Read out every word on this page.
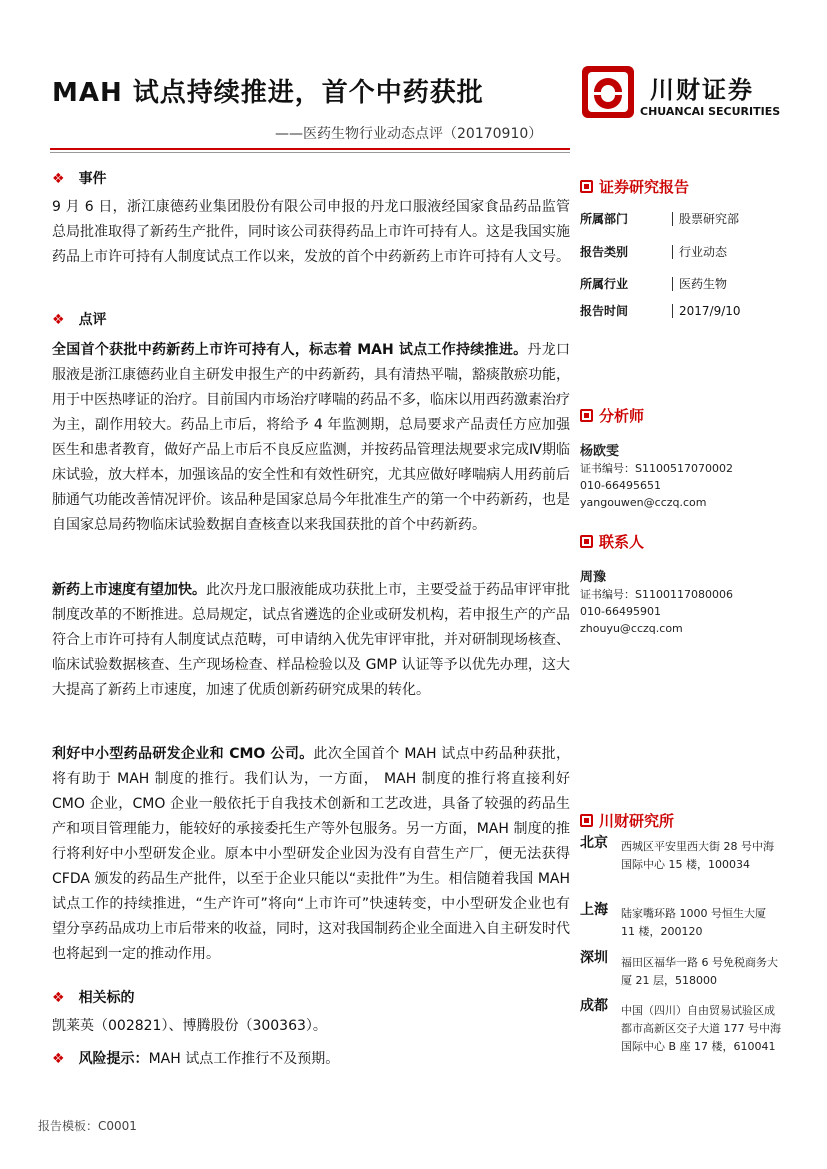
MAH 试点持续推进，首个中药获批
——医药生物行业动态点评（20170910）
川财证券
CHUANCAI SECURITIES
❖ 事件
9 月 6 日，浙江康德药业集团股份有限公司申报的丹龙口服液经国家食品药品监管总局批准取得了新药生产批件，同时该公司获得药品上市许可持有人。这是我国实施药品上市许可持有人制度试点工作以来，发放的首个中药新药上市许可持有人文号。
❖ 点评
全国首个获批中药新药上市许可持有人，标志着 MAH 试点工作持续推进。丹龙口服液是浙江康德药业自主研发申报生产的中药新药，具有清热平喘，豁痰散瘀功能，用于中医热哮证的治疗。目前国内市场治疗哮喘的药品不多，临床以用西药激素治疗为主，副作用较大。药品上市后，将给予 4 年监测期，总局要求产品责任方应加强医生和患者教育，做好产品上市后不良反应监测，并按药品管理法规要求完成Ⅳ期临床试验，放大样本，加强该品的安全性和有效性研究，尤其应做好哮喘病人用药前后肺通气功能改善情况评价。该品种是国家总局今年批准生产的第一个中药新药，也是自国家总局药物临床试验数据自查核查以来我国获批的首个中药新药。
新药上市速度有望加快。此次丹龙口服液能成功获批上市，主要受益于药品审评审批制度改革的不断推进。总局规定，试点省遴选的企业或研发机构，若申报生产的产品符合上市许可持有人制度试点范畴，可申请纳入优先审评审批，并对研制现场核查、临床试验数据核查、生产现场检查、样品检验以及 GMP 认证等予以优先办理，这大大提高了新药上市速度，加速了优质创新药研究成果的转化。
利好中小型药品研发企业和 CMO 公司。此次全国首个 MAH 试点中药品种获批，将有助于 MAH 制度的推行。我们认为，一方面， MAH 制度的推行将直接利好 CMO 企业，CMO 企业一般依托于自我技术创新和工艺改进，具备了较强的药品生产和项目管理能力，能较好的承接委托生产等外包服务。另一方面，MAH 制度的推行将利好中小型研发企业。原本中小型研发企业因为没有自营生产厂，便无法获得 CFDA 颁发的药品生产批件，以至于企业只能以“卖批件”为生。相信随着我国 MAH 试点工作的持续推进，“生产许可”将向“上市许可”快速转变，中小型研发企业也有望分享药品成功上市后带来的收益，同时，这对我国制药企业全面进入自主研发时代也将起到一定的推动作用。
❖ 相关标的
凯莱英（002821）、博腾股份（300363）。
❖ 风险提示：MAH 试点工作推行不及预期。
证券研究报告
所属部门	股票研究部
报告类别	行业动态
所属行业	医药生物
报告时间	2017/9/10
分析师
杨欧雯
证书编号：S1100517070002
010-66495651
yangouwen@cczq.com
联系人
周豫
证书编号：S1100117080006
010-66495901
zhouyu@cczq.com
川财研究所
北京 西城区平安里西大街 28 号中海国际中心 15 楼，100034
上海 陆家嘴环路 1000 号恒生大厦 11 楼，200120
深圳 福田区福华一路 6 号免税商务大厦 21 层，518000
成都 中国（四川）自由贸易试验区成都市高新区交子大道 177 号中海国际中心 B 座 17 楼，610041
报告模板：C0001
